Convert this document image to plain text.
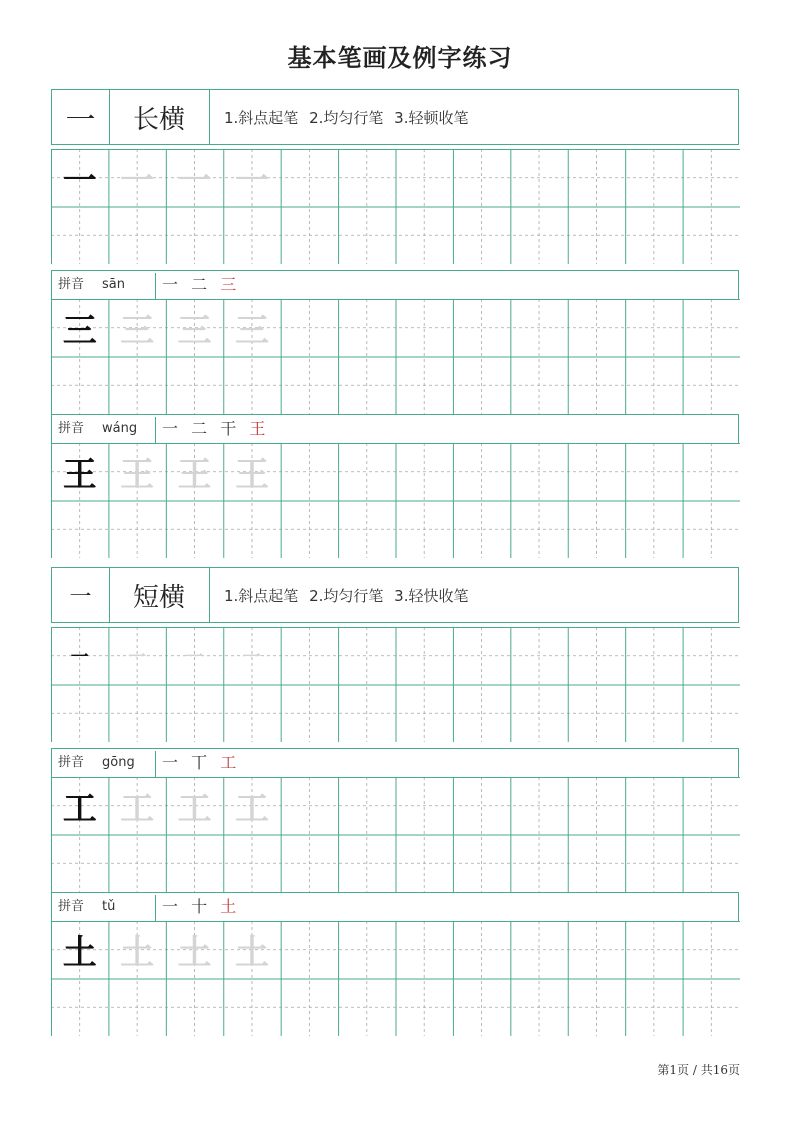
基本笔画及例字练习
一	长横	1.斜点起笔 2.均匀行笔 3.轻顿收笔
一 一 一 一
拼音 sān 一 二 三
三 三 三 三
拼音 wáng 一 二 干 王
王 王 王 王
一	短横	1.斜点起笔 2.均匀行笔 3.轻快收笔
一	一	一	一
拼音 gōng 一 丅 工
工 工 工 工
拼音 tǔ	一 十 土
土 土 土 土
第1页 / 共16页
